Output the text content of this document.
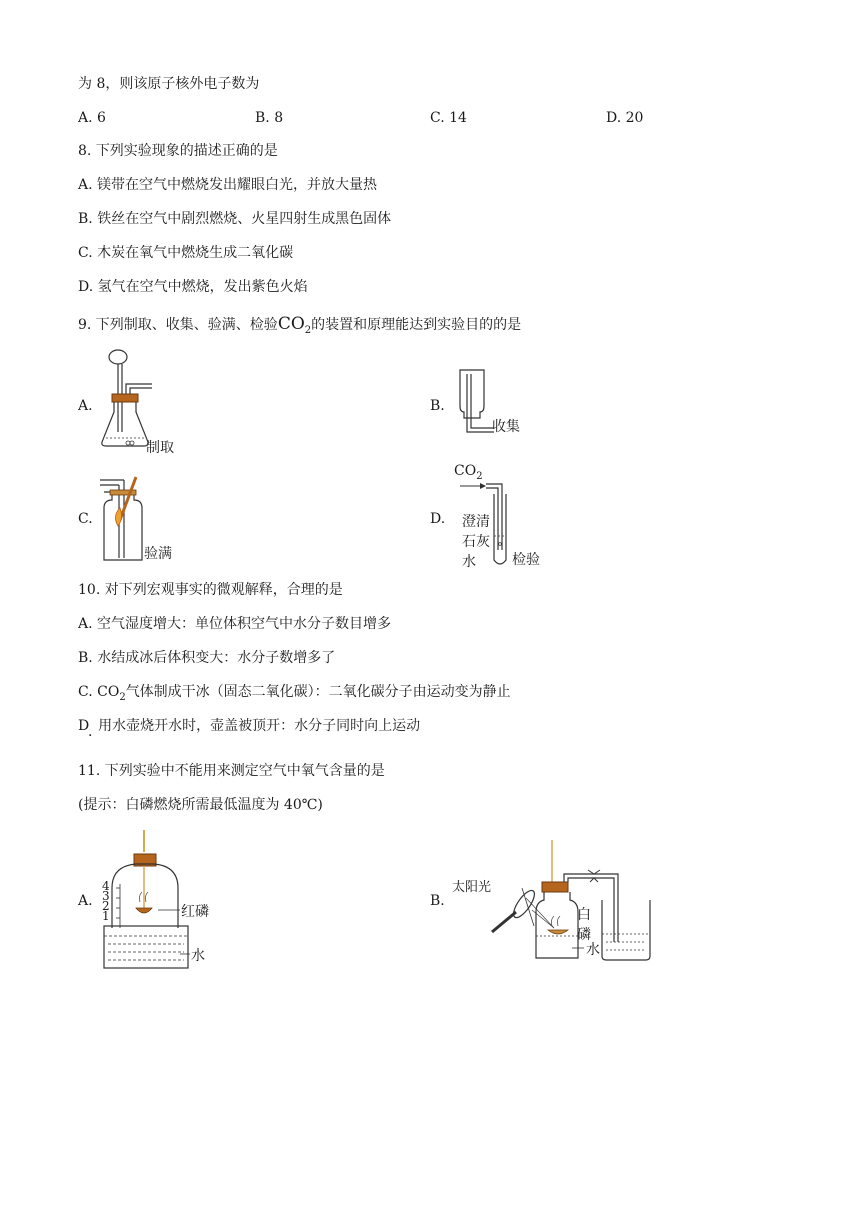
为 8，则该原子核外电子数为
A. 6	B. 8	C. 14	D. 20
8. 下列实验现象的描述正确的是
A. 镁带在空气中燃烧发出耀眼白光，并放大量热
B. 铁丝在空气中剧烈燃烧、火星四射生成黑色固体
C. 木炭在氧气中燃烧生成二氧化碳
D. 氢气在空气中燃烧，发出紫色火焰
9. 下列制取、收集、验满、检验$CO_2$的装置和原理能达到实验目的的是
A.
制取
B.
收集
C.
验满
D.
$CO_2$
澄清
石灰
水	检验
10. 对下列宏观事实的微观解释，合理的是
A. 空气湿度增大：单位体积空气中水分子数目增多
B. 水结成冰后体积变大：水分子数增多了
C. $CO_2$气体制成干冰（固态二氧化碳）：二氧化碳分子由运动变为静止
D 用水壶烧开水时，壶盖被顶开：水分子同时向上运动
·
11. 下列实验中不能用来测定空气中氧气含量的是
(提示：白磷燃烧所需最低温度为 40℃)
A.
4
3
2
1	红磷
水
B.
太阳光
白
磷
水
